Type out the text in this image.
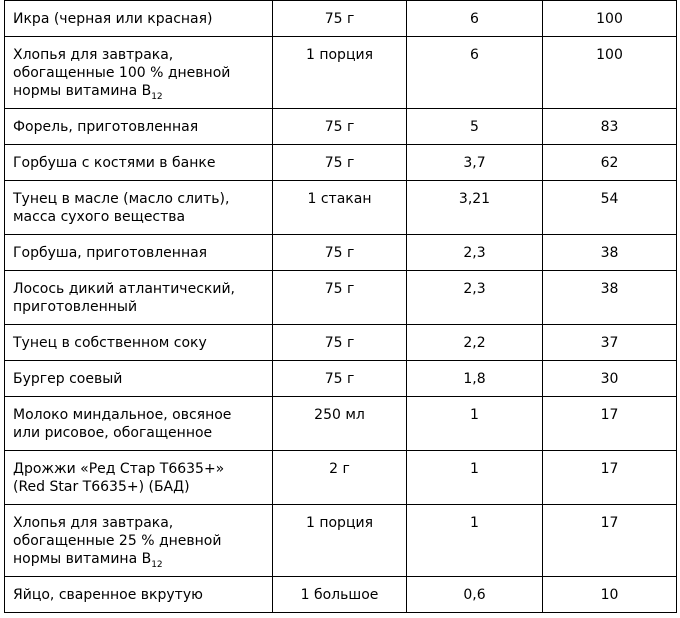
Икра (черная или красная)	75 г	6	100
Хлопья для завтрака,
обогащенные 100 % дневной
нормы витамина $B_{12}$	1 порция	6	100
Форель, приготовленная	75 г	5	83
Горбуша с костями в банке	75 г	3,7	62
Тунец в масле (масло слить),
масса сухого вещества	1 стакан	3,21	54
Горбуша, приготовленная	75 г	2,3	38
Лосось дикий атлантический,
приготовленный	75 г	2,3	38
Тунец в собственном соку	75 г	2,2	37
Бургер соевый	75 г	1,8	30
Молоко миндальное, овсяное
или рисовое, обогащенное	250 мл	1	17
Дрожжи «Ред Стар Т6635+»
(Red Star T6635+) (БАД)	2 г	1	17
Хлопья для завтрака,
обогащенные 25 % дневной
нормы витамина $B_{12}$	1 порция	1	17
Яйцо, сваренное вкрутую	1 большое	0,6	10
